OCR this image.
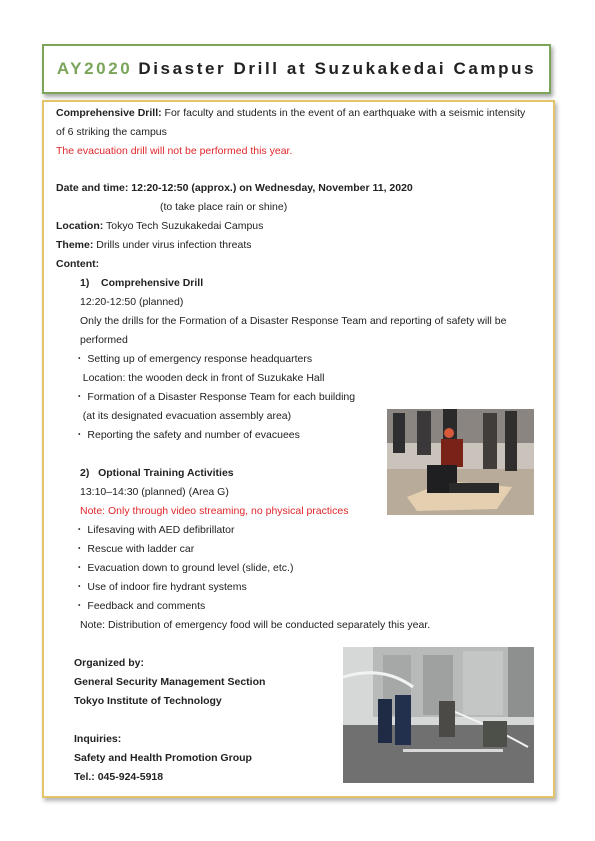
AY2020 Disaster Drill at Suzukakedai Campus
Comprehensive Drill: For faculty and students in the event of an earthquake with a seismic intensity
of 6 striking the campus
The evacuation drill will not be performed this year.
Date and time: 12:20-12:50 (approx.) on Wednesday, November 11, 2020
(to take place rain or shine)
Location: Tokyo Tech Suzukakedai Campus
Theme: Drills under virus infection threats
Content:
1)    Comprehensive Drill
12:20-12:50 (planned)
Only the drills for the Formation of a Disaster Response Team and reporting of safety will be
performed
・ Setting up of emergency response headquarters
Location: the wooden deck in front of Suzukake Hall
・ Formation of a Disaster Response Team for each building
(at its designated evacuation assembly area)
・ Reporting the safety and number of evacuees
2)   Optional Training Activities
13:10–14:30 (planned) (Area G)
Note: Only through video streaming, no physical practices
・ Lifesaving with AED defibrillator
・ Rescue with ladder car
・ Evacuation down to ground level (slide, etc.)
・ Use of indoor fire hydrant systems
・ Feedback and comments
Note: Distribution of emergency food will be conducted separately this year.
Organized by:
General Security Management Section
Tokyo Institute of Technology
Inquiries:
Safety and Health Promotion Group
Tel.: 045-924-5918
